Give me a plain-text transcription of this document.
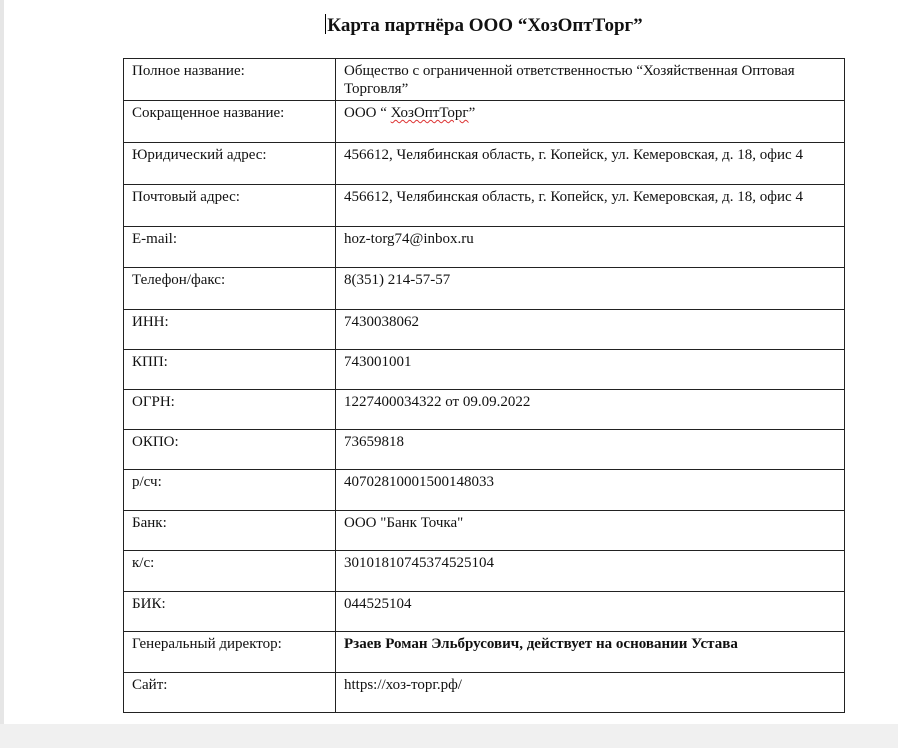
Карта партнёра ООО “ХозОптТорг”
Полное название:	Общество с ограниченной ответственностью “Хозяйственная Оптовая Торговля”
Сокращенное название:	ООО “ ХозОптТорг”
Юридический адрес:	456612, Челябинская область, г. Копейск, ул. Кемеровская, д. 18, офис 4
Почтовый адрес:	456612, Челябинская область, г. Копейск, ул. Кемеровская, д. 18, офис 4
E-mail:	hoz-torg74@inbox.ru
Телефон/факс:	8(351) 214-57-57
ИНН:	7430038062
КПП:	743001001
ОГРН:	1227400034322 от 09.09.2022
ОКПО:	73659818
р/сч:	40702810001500148033
Банк:	ООО "Банк Точка"
к/с:	30101810745374525104
БИК:	044525104
Генеральный директор:	Рзаев Роман Эльбрусович, действует на основании Устава
Сайт:	https://хоз-торг.рф/
